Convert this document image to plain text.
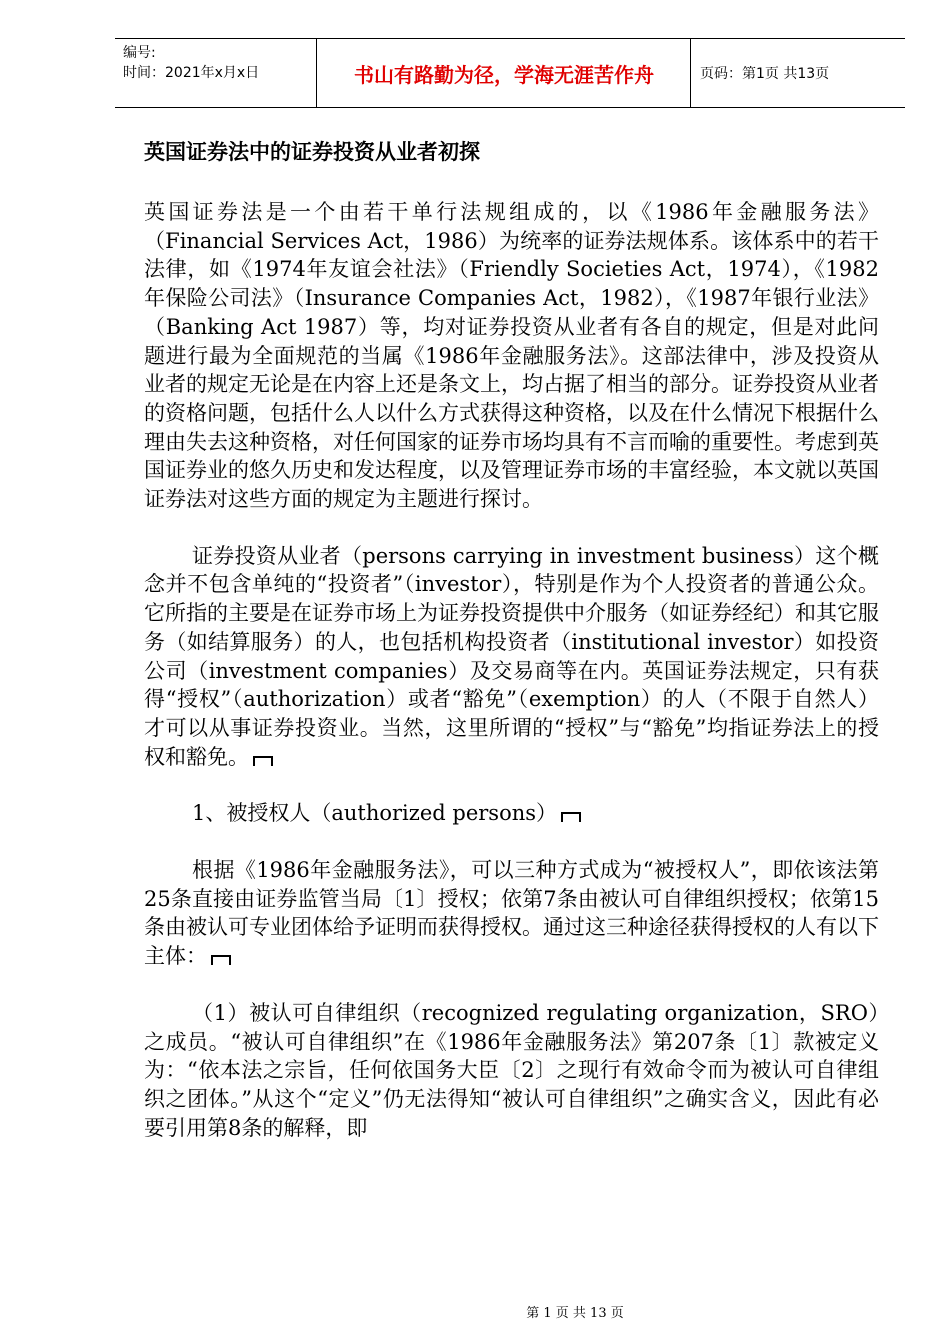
编号:
时间：2021年x月x日	书山有路勤为径，学海无涯苦作舟	页码：第1页 共13页
英国证券法中的证券投资从业者初探

英国证券法是一个由若干单行法规组成的，以《1986年金融服务法》（Financial Services Act，1986）为统率的证券法规体系。该体系中的若干法律，如《1974年友谊会社法》（Friendly Societies Act，1974），《1982年保险公司法》（Insurance Companies Act，1982），《1987年银行业法》（Banking Act 1987）等，均对证券投资从业者有各自的规定，但是对此问题进行最为全面规范的当属《1986年金融服务法》。这部法律中，涉及投资从业者的规定无论是在内容上还是条文上，均占据了相当的部分。证券投资从业者的资格问题，包括什么人以什么方式获得这种资格，以及在什么情况下根据什么理由失去这种资格，对任何国家的证券市场均具有不言而喻的重要性。考虑到英国证券业的悠久历史和发达程度，以及管理证券市场的丰富经验，本文就以英国证券法对这些方面的规定为主题进行探讨。

证券投资从业者（persons carrying in investment business）这个概念并不包含单纯的“投资者”（investor），特别是作为个人投资者的普通公众。它所指的主要是在证券市场上为证券投资提供中介服务（如证券经纪）和其它服务（如结算服务）的人，也包括机构投资者（institutional investor）如投资公司（investment companies）及交易商等在内。英国证券法规定，只有获得“授权”（authorization）或者“豁免”（exemption）的人（不限于自然人）才可以从事证券投资业。当然，这里所谓的“授权”与“豁免”均指证券法上的授权和豁免。

1、被授权人（authorized persons）

根据《1986年金融服务法》，可以三种方式成为“被授权人”，即依该法第25条直接由证券监管当局〔1〕授权；依第7条由被认可自律组织授权；依第15条由被认可专业团体给予证明而获得授权。通过这三种途径获得授权的人有以下主体：

（1）被认可自律组织（recognized regulating organization，SRO）之成员。“被认可自律组织”在《1986年金融服务法》第207条〔1〕款被定义为：“依本法之宗旨，任何依国务大臣〔2〕之现行有效命令而为被认可自律组织之团体。”从这个“定义”仍无法得知“被认可自律组织”之确实含义，因此有必要引用第8条的解释，即

第 1 页 共 13 页
